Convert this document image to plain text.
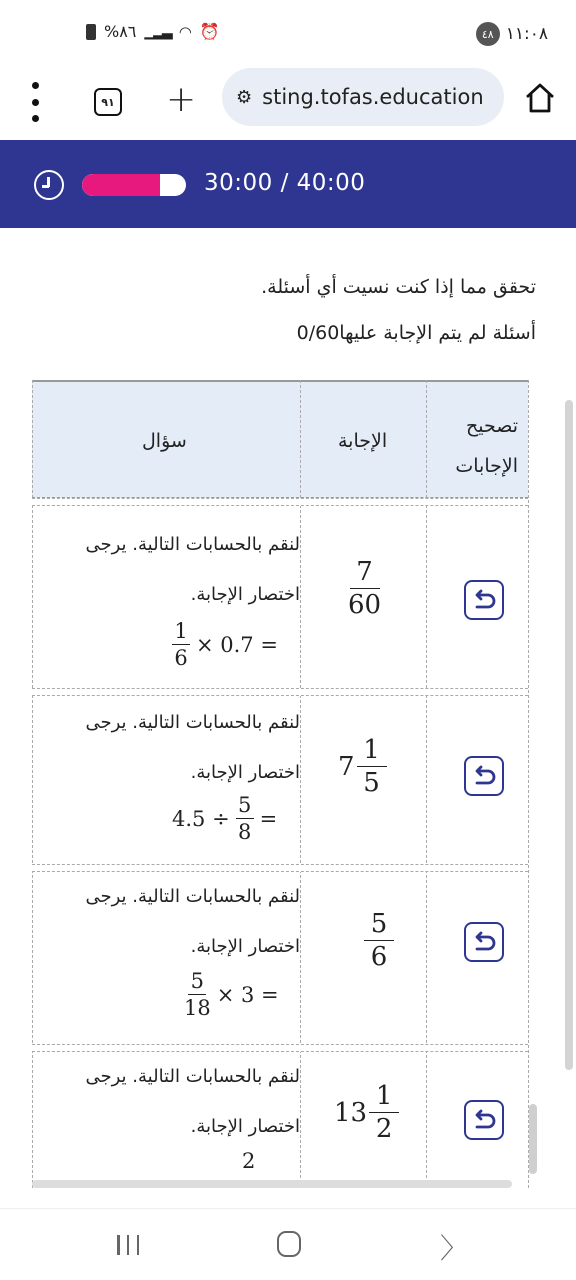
%٨٦ ▁▂▃ ◠ ⏰	٤٨ ١١:٠٨
٩١ + ⚙ sting.tofas.education
30:00 / 40:00
تحقق مما إذا كنت نسيت أي أسئلة.
أسئلة لم يتم الإجابة عليها0/60
سؤال	الإجابة
تصحيح
الإجابات
لنقم بالحسابات التالية. يرجى
اختصار الإجابة.
$\frac{1}{6} \times 0.7$ =
$\frac{7}{60}$
لنقم بالحسابات التالية. يرجى
اختصار الإجابة.
$4.5 \div \frac{5}{8}$ =
$7 \frac{1}{5}$
لنقم بالحسابات التالية. يرجى
اختصار الإجابة.
$\frac{5}{18} \times 3$ =
$\frac{5}{6}$
لنقم بالحسابات التالية. يرجى
اختصار الإجابة.
2
$13 \frac{1}{2}$
〉
